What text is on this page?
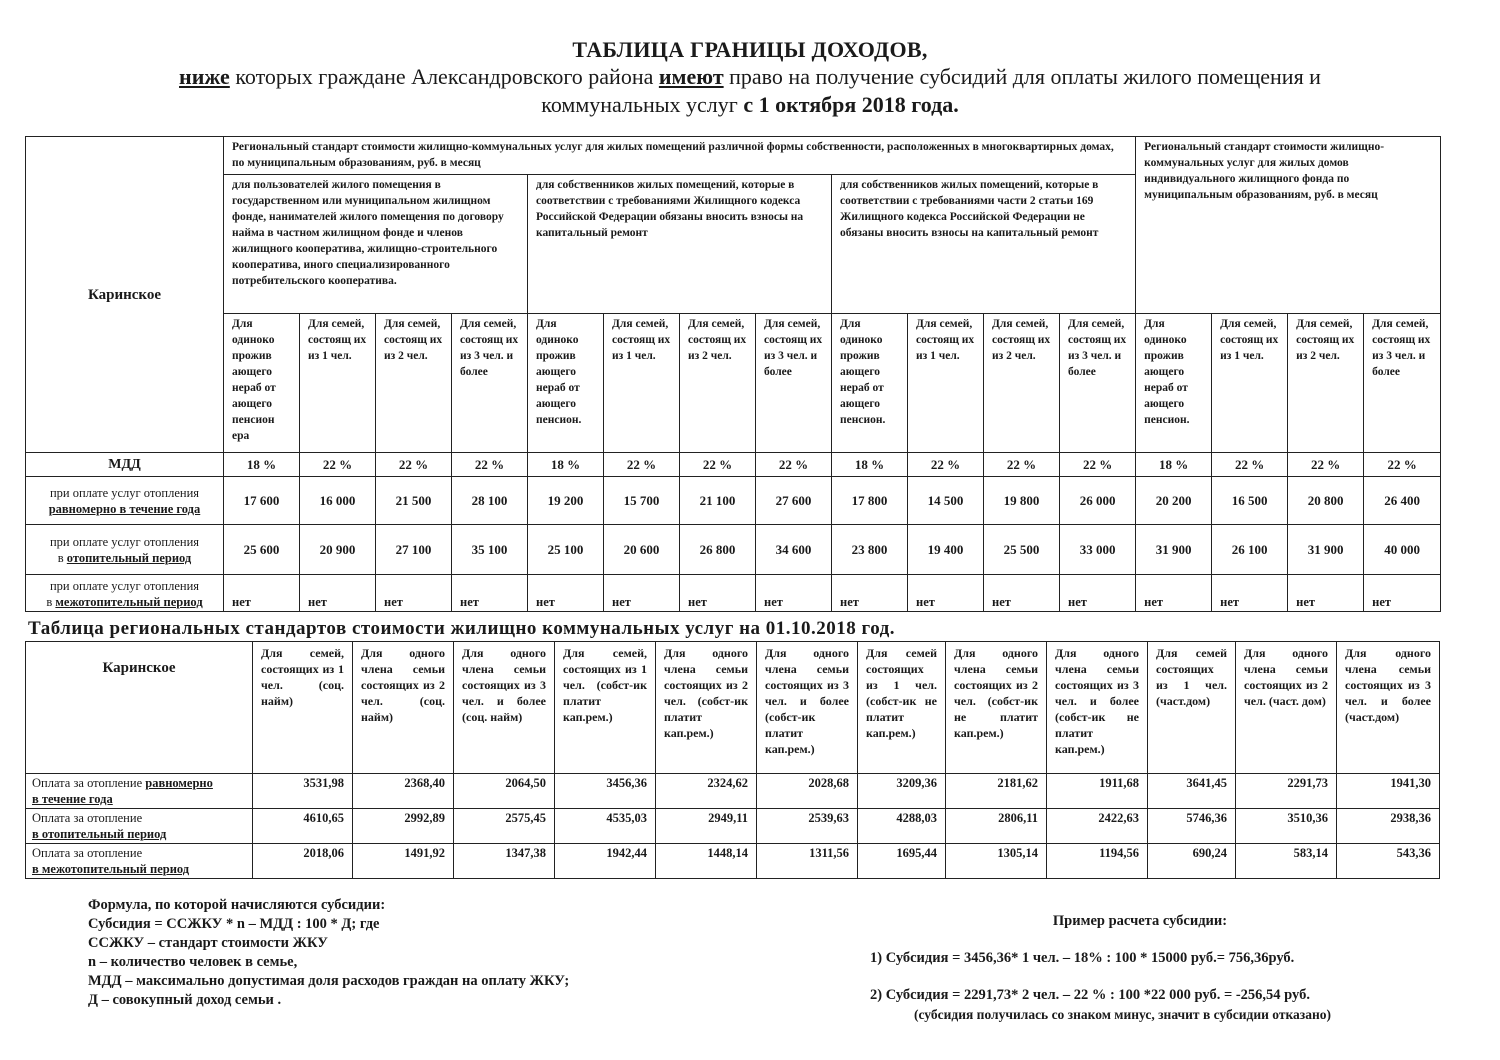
ТАБЛИЦА ГРАНИЦЫ ДОХОДОВ,
ниже которых граждане Александровского района имеют право на получение субсидий для оплаты жилого помещения и
коммунальных услуг с 1 октября 2018 года.
Каринское	Региональный стандарт стоимости жилищно-коммунальных услуг для жилых помещений различной формы собственности, расположенных в многоквартирных домах, по муниципальным образованиям, руб. в месяц												Региональный стандарт стоимости жилищно-коммунальных услуг для жилых домов индивидуального жилищного фонда по муниципальным образованиям, руб. в месяц			
	для пользователей жилого помещения в государственном или муниципальном жилищном фонде, нанимателей жилого помещения по договору найма в частном жилищном фонде и членов жилищного кооператива, жилищно-строительного кооператива, иного специализированного потребительского кооператива.				для собственников жилых помещений, которые в соответствии с требованиями Жилищного кодекса Российской Федерации обязаны вносить взносы на капитальный ремонт				для собственников жилых помещений, которые в соответствии с требованиями части 2 статьи 169 Жилищного кодекса Российской Федерации не обязаны вносить взносы на капитальный ремонт							
	Для одиноко прожив ающего нераб от ающего пенсион ера	Для семей, состоящ их из 1 чел.	Для семей, состоящ их из 2 чел.	Для семей, состоящ их из 3 чел. и более	Для одиноко прожив ающего нераб от ающего пенсион.	Для семей, состоящ их из 1 чел.	Для семей, состоящ их из 2 чел.	Для семей, состоящ их из 3 чел. и более	Для одиноко прожив ающего нераб от ающего пенсион.	Для семей, состоящ их из 1 чел.	Для семей, состоящ их из 2 чел.	Для семей, состоящ их из 3 чел. и более	Для одиноко прожив ающего нераб от ающего пенсион.	Для семей, состоящ их из 1 чел.	Для семей, состоящ их из 2 чел.	Для семей, состоящ их из 3 чел. и более
МДД	18 %	22 %	22 %	22 %	18 %	22 %	22 %	22 %	18 %	22 %	22 %	22 %	18 %	22 %	22 %	22 %
при оплате услуг отопления
равномерно в течение года	17 600	16 000	21 500	28 100	19 200	15 700	21 100	27 600	17 800	14 500	19 800	26 000	20 200	16 500	20 800	26 400
при оплате услуг отопления
в отопительный период	25 600	20 900	27 100	35 100	25 100	20 600	26 800	34 600	23 800	19 400	25 500	33 000	31 900	26 100	31 900	40 000
при оплате услуг отопления
в межотопительный период	нет	нет	нет	нет	нет	нет	нет	нет	нет	нет	нет	нет	нет	нет	нет	нет
Таблица региональных стандартов стоимости жилищно коммунальных услуг на 01.10.2018 год.
Каринское	Для семей, состоящих из 1 чел. (соц. найм)	Для одного члена семьи состоящих из 2 чел. (соц. найм)	Для одного члена семьи состоящих из 3 чел. и более (соц. найм)	Для семей, состоящих из 1 чел. (собст-ик платит кап.рем.)	Для одного члена семьи состоящих из 2 чел. (собст-ик платит кап.рем.)	Для одного члена семьи состоящих из 3 чел. и более (собст-ик платит кап.рем.)	Для семей состоящих из 1 чел. (собст-ик не платит кап.рем.)	Для одного члена семьи состоящих из 2 чел. (собст-ик не платит кап.рем.)	Для одного члена семьи состоящих из 3 чел. и более (собст-ик не платит кап.рем.)	Для семей состоящих из 1 чел. (част.дом)	Для одного члена семьи состоящих из 2 чел. (част. дом)	Для одного члена семьи состоящих из 3 чел. и более (част.дом)
Оплата за отопление равномерно
в течение года	3531,98	2368,40	2064,50	3456,36	2324,62	2028,68	3209,36	2181,62	1911,68	3641,45	2291,73	1941,30
Оплата за отопление
в отопительный период	4610,65	2992,89	2575,45	4535,03	2949,11	2539,63	4288,03	2806,11	2422,63	5746,36	3510,36	2938,36
Оплата за отопление
в межотопительный период	2018,06	1491,92	1347,38	1942,44	1448,14	1311,56	1695,44	1305,14	1194,56	690,24	583,14	543,36
Формула, по которой начисляются субсидии:
Субсидия = ССЖКУ * n – МДД : 100 * Д; где
ССЖКУ – стандарт стоимости ЖКУ
n – количество человек в семье,
МДД – максимально допустимая доля расходов граждан на оплату ЖКУ;
Д – совокупный доход семьи .
Пример расчета субсидии:
1) Субсидия = 3456,36* 1 чел. – 18% : 100 * 15000 руб.= 756,36руб.
2) Субсидия = 2291,73* 2 чел. – 22 % : 100 *22 000 руб. = -256,54 руб.
(субсидия получилась со знаком минус, значит в субсидии отказано)
